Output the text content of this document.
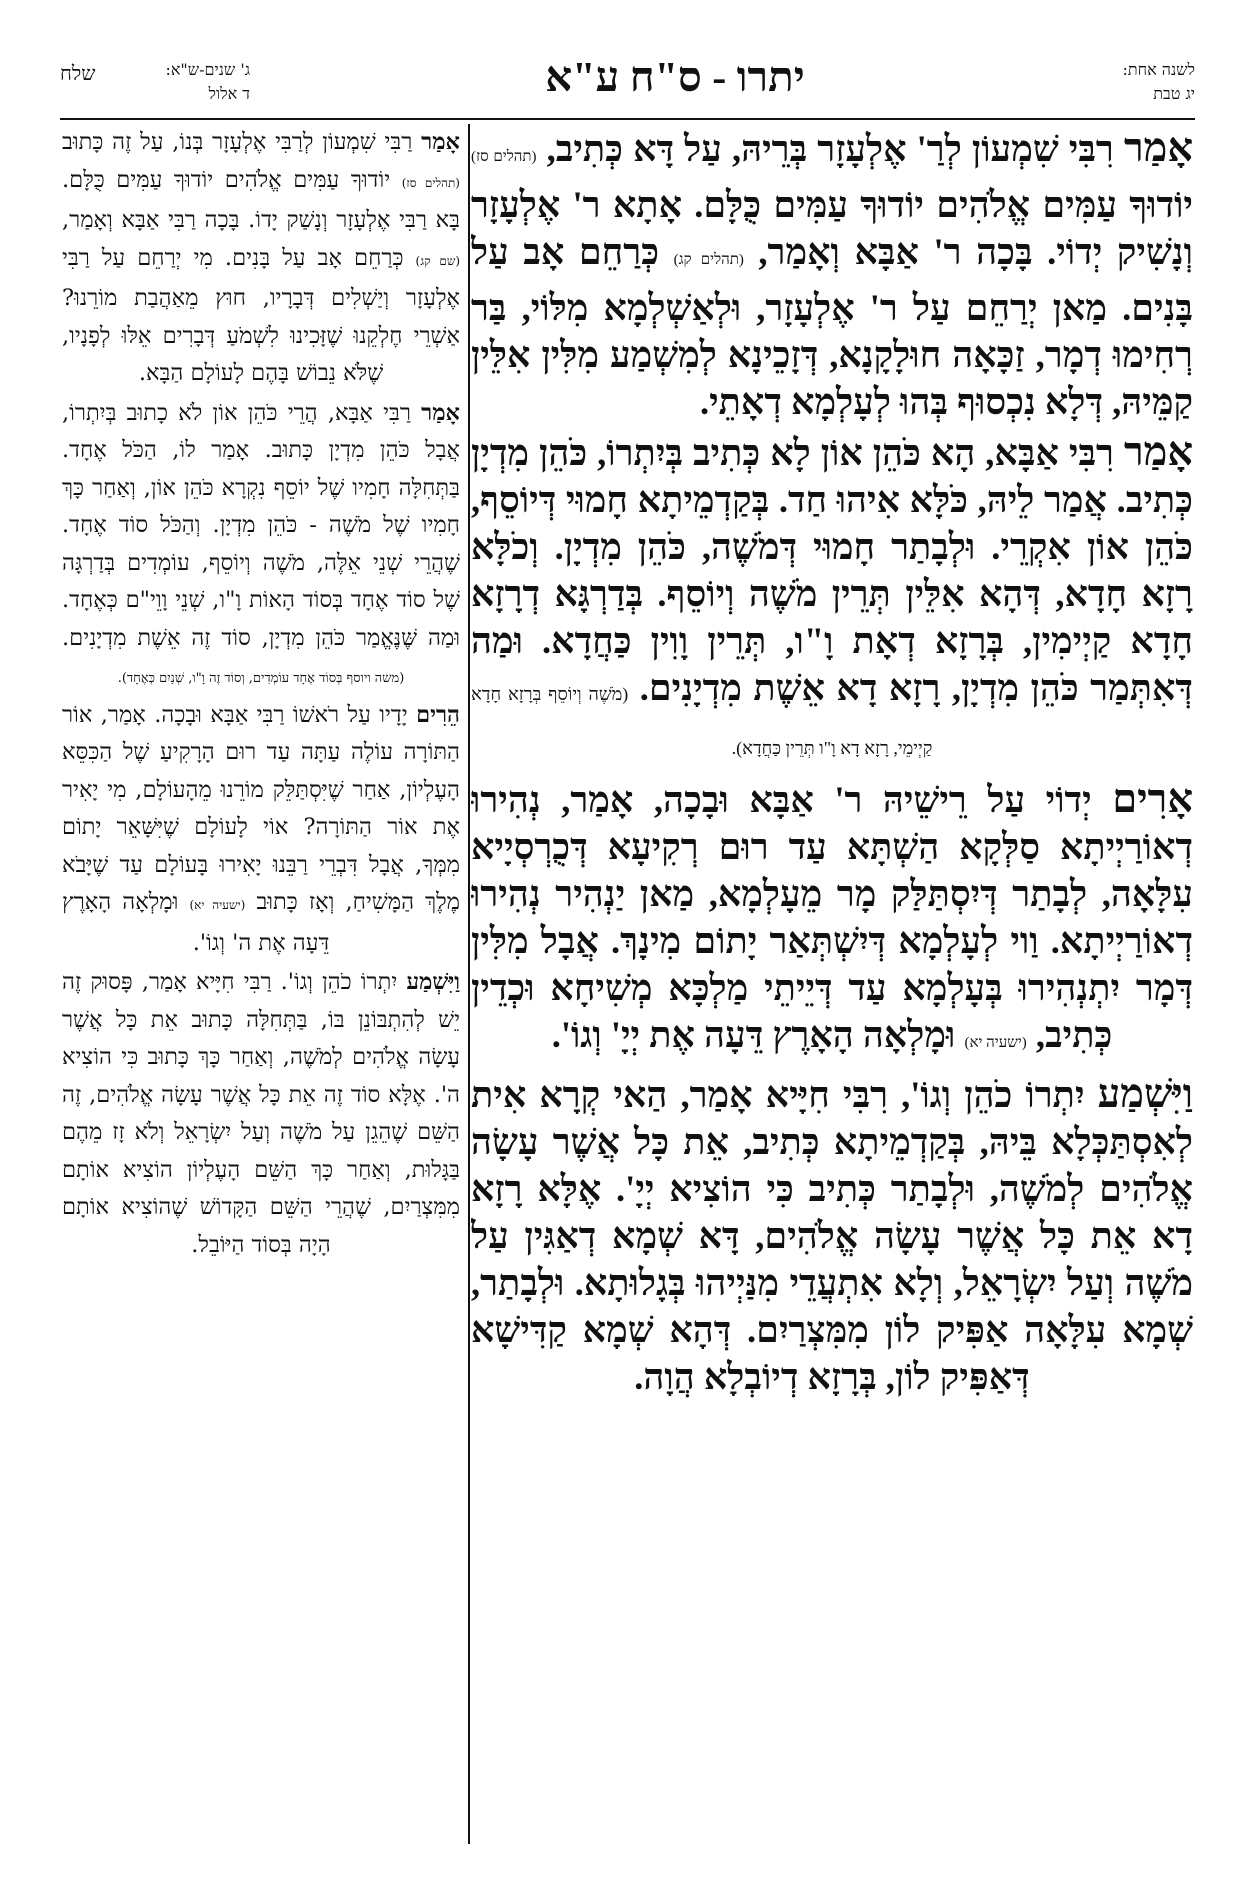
לשנה אחת:
יג טבת
יתרו - ס"ח ע"א
ג' שנים-ש"א:
ד אלול
שלח

אָמַר רִבִּי שִׁמְעוֹן לְרַ' אֶלְעָזָר בְּרֵיהּ, עַל דָּא כְּתִיב, (תהלים סז) יוֹדוּךָ עַמִּים אֱלֹהִים יוֹדוּךָ עַמִּים כֻּלָּם. אָתָא ר' אֶלְעָזָר וְנָשִׁיק יְדוֹי. בָּכָה ר' אַבָּא וְאָמַר, (תהלים קג) כְּרַחֵם אָב עַל בָּנִים. מַאן יְרַחֵם עַל ר' אֶלְעָזָר, וּלְאַשְׁלְמָא מִלּוֹי, בַּר רְחִימוּ דְמָר, זַכָּאָה חוּלָקָנָא, דְּזָכֵינָא לְמִשְׁמַע מִלִּין אִלֵּין קַמֵּיהּ, דְּלָא נִכְסוּף בְּהוּ לְעָלְמָא דְאָתֵי.

אָמַר רִבִּי אַבָּא, הָא כֹּהֵן אוֹן לָא כְּתִיב בְּיִתְרוֹ, כֹּהֵן מִדְיָן כְּתִיב. אֲמַר לֵיהּ, כֹּלָּא אִיהוּ חַד. בְּקַדְמֵיתָא חָמוּי דְּיוֹסֵף, כֹּהֵן אוֹן אִקְרֵי. וּלְבָתַר חָמוּי דְּמֹשֶׁה, כֹּהֵן מִדְיָן. וְכֹלָּא רָזָא חָדָא, דְּהָא אִלֵּין תְּרֵין מֹשֶׁה וְיוֹסֵף. בְּדַרְגָּא דְרָזָא חָדָא קַיְימִין, בְּרָזָא דְאָת וָ"ו, תְּרֵין וָוִין כַּחֲדָא. וּמַה דְּאִתְּמַר כֹּהֵן מִדְיָן, רָזָא דָא אֵשֶׁת מִדְיָנִים. (מֹשֶׁה וְיוֹסֵף בְּרָזָא חָדָא קַיְימֵי, רָזָא דָא וָ"ו תְּרֵין כַּחֲדָא).

אָרִים יְדוֹי עַל רֵישֵׁיהּ ר' אַבָּא וּבָכָה, אָמַר, נְהִירוּ דְאוֹרַיְיתָא סַלְּקָא הַשְׁתָּא עַד רוּם רְקִיעָא דְּכֻרְסְיָיא עִלָּאָה, לְבָתַר דְּיִסְתַּלַּק מָר מֵעָלְמָא, מַאן יַנְהִיר נְהִירוּ דְאוֹרַיְיתָא. וַוי לְעָלְמָא דְּיִשְׁתְּאַר יָתוֹם מִינָךְ. אֲבָל מִלִּין דְּמָר יִתְנְהִירוּ בְּעָלְמָא עַד דְּיֵיתֵי מַלְכָּא מְשִׁיחָא וּכְדֵין כְּתִיב, (ישעיה יא) וּמָלְאָה הָאָרֶץ דֵּעָה אֶת יְיָ' וְגוֹ'.

וַיִּשְׁמַע יִתְרוֹ כֹהֵן וְגוֹ', רִבִּי חִיָּיא אָמַר, הַאי קְרָא אִית לְאִסְתַּכְּלָא בֵּיהּ, בְּקַדְמֵיתָא כְּתִיב, אֵת כָּל אֲשֶׁר עָשָׂה אֱלֹהִים לְמֹשֶׁה, וּלְבָתַר כְּתִיב כִּי הוֹצִיא יְיָ'. אֶלָּא רָזָא דָא אֵת כָּל אֲשֶׁר עָשָׂה אֱלֹהִים, דָּא שְׁמָא דְאַגִּין עַל מֹשֶׁה וְעַל יִשְׂרָאֵל, וְלָא אִתְעֲדֵי מִנַּיְיהוּ בְּגָלוּתָא. וּלְבָתַר, שְׁמָא עִלָּאָה אַפִּיק לוֹן מִמִּצְרַיִם. דְּהָא שְׁמָא קַדִּישָׁא דְּאַפִּיק לוֹן, בְּרָזָא דְיוֹבְלָא הֲוָה.

אָמַר רַבִּי שִׁמְעוֹן לְרַבִּי אֶלְעָזָר בְּנוֹ, עַל זֶה כָּתוּב (תהלים סז) יוֹדוּךָ עַמִּים אֱלֹהִים יוֹדוּךָ עַמִּים כֻּלָּם. בָּא רַבִּי אֶלְעָזָר וְנָשַׁק יָדוֹ. בָּכָה רַבִּי אַבָּא וְאָמַר, (שם קג) כְּרַחֵם אָב עַל בָּנִים. מִי יְרַחֵם עַל רַבִּי אֶלְעָזָר וְיַשְׁלִים דְּבָרָיו, חוּץ מֵאַהֲבַת מוֹרֵנוּ? אַשְׁרֵי חֶלְקֵנוּ שֶׁזָּכִינוּ לִשְׁמֹעַ דְּבָרִים אֵלּוּ לְפָנָיו, שֶׁלֹּא נֵבוֹשׁ בָּהֶם לָעוֹלָם הַבָּא.

אָמַר רַבִּי אַבָּא, הֲרֵי כֹּהֵן אוֹן לֹא כָתוּב בְּיִתְרוֹ, אֲבָל כֹּהֵן מִדְיָן כָּתוּב. אָמַר לוֹ, הַכֹּל אֶחָד. בַּתְּחִלָּה חָמִיו שֶׁל יוֹסֵף נִקְרָא כֹּהֵן אוֹן, וְאַחַר כָּךְ חָמִיו שֶׁל מֹשֶׁה - כֹּהֵן מִדְיָן. וְהַכֹּל סוֹד אֶחָד. שֶׁהֲרֵי שְׁנֵי אֵלֶּה, מֹשֶׁה וְיוֹסֵף, עוֹמְדִים בְּדַרְגָּה שֶׁל סוֹד אֶחָד בְּסוֹד הָאוֹת וָ"ו, שְׁנֵי וָוֵי"ם כְּאֶחָד. וּמַה שֶּׁנֶּאֱמַר כֹּהֵן מִדְיָן, סוֹד זֶה אֵשֶׁת מִדְיָנִים. (משה ויוסף בְּסוֹד אֶחָד עוֹמְדִים, וְסוֹד זֶה וָ"ו, שְׁנַיִם כְּאֶחָד).

הֵרִים יָדָיו עַל רֹאשׁוֹ רַבִּי אַבָּא וּבָכָה. אָמַר, אוֹר הַתּוֹרָה עוֹלֶה עַתָּה עַד רוּם הָרָקִיעַ שֶׁל הַכִּסֵּא הָעֶלְיוֹן, אַחַר שֶׁיִּסְתַּלֵּק מוֹרֵנוּ מֵהָעוֹלָם, מִי יָאִיר אֶת אוֹר הַתּוֹרָה? אוֹי לָעוֹלָם שֶׁיִּשָּׁאֵר יָתוֹם מִמְּךָ, אֲבָל דִּבְרֵי רַבֵּנוּ יָאִירוּ בָּעוֹלָם עַד שֶׁיָּבֹא מֶלֶךְ הַמָּשִׁיחַ, וְאָז כָּתוּב (ישעיה יא) וּמָלְאָה הָאָרֶץ דֵּעָה אֶת ה' וְגוֹ'.

וַיִּשְׁמַע יִתְרוֹ כֹהֵן וְגוֹ'. רַבִּי חִיָּיא אָמַר, פָּסוּק זֶה יֵשׁ לְהִתְבּוֹנֵן בּוֹ, בַּתְּחִלָּה כָּתוּב אֵת כָּל אֲשֶׁר עָשָׂה אֱלֹהִים לְמֹשֶׁה, וְאַחַר כָּךְ כָּתוּב כִּי הוֹצִיא ה'. אֶלָּא סוֹד זֶה אֵת כָּל אֲשֶׁר עָשָׂה אֱלֹהִים, זֶה הַשֵּׁם שֶׁהֵגֵן עַל מֹשֶׁה וְעַל יִשְׂרָאֵל וְלֹא זָז מֵהֶם בַּגָּלוּת, וְאַחַר כָּךְ הַשֵּׁם הָעֶלְיוֹן הוֹצִיא אוֹתָם מִמִּצְרַיִם, שֶׁהֲרֵי הַשֵּׁם הַקָּדוֹשׁ שֶׁהוֹצִיא אוֹתָם הָיָה בְּסוֹד הַיּוֹבֵל.
